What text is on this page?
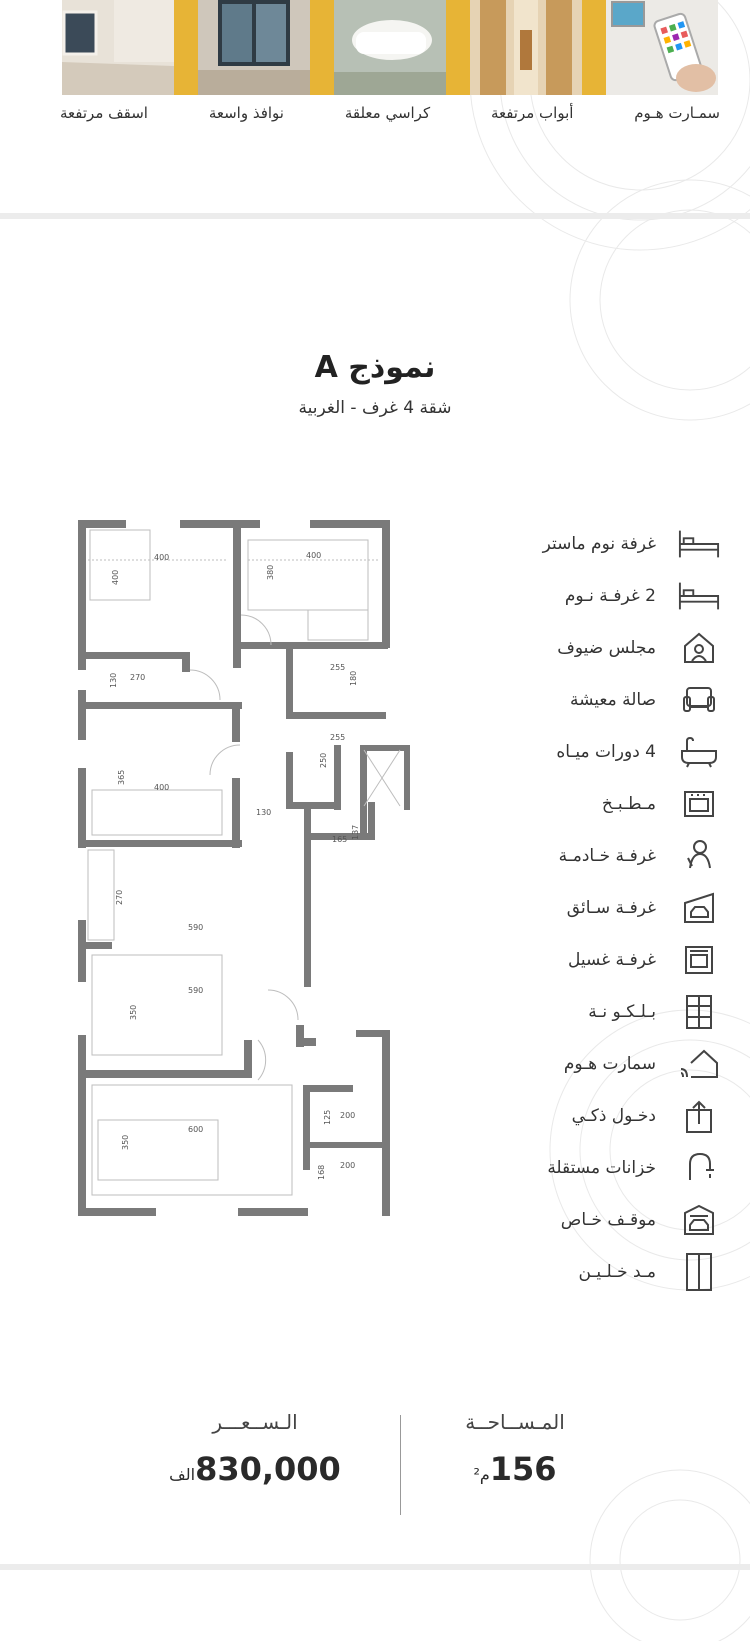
سمـارت هـوم
أبواب مرتفعة
كراسي معلقة
نوافذ واسعة
اسقف مرتفعة
نموذج A
شقة 4 غرف - الغربية
400	400
380
400
270
130
255
180
255
250
365
400
130
165 137
270
590
590
350
600
350
200
125
200
168
غرفة نوم ماستر
2 غرفـة نـوم
مجلس ضيوف
صالة معيشة
4 دورات ميـاه
مـطـبـخ
غرفـة خـادمـة
غرفـة سـائق
غرفـة غسيل
بـلـكـو نـة
سمارت هـوم
دخـول ذكـي
خزانات مستقلة
موقـف خـاص
مـد خـلـيـن
الـســعـــر
830,000الف
المـســاحــة
156م²
